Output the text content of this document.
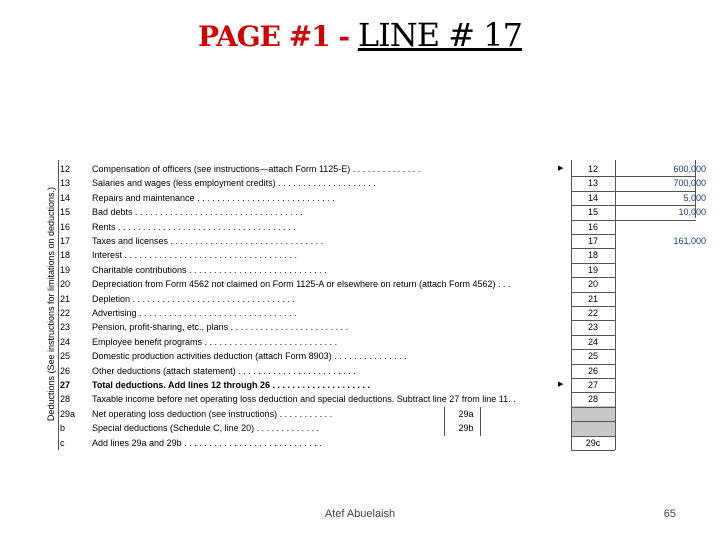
PAGE #1 - LINE # 17
Deductions (See instructions for limitations on deductions.)
12	Compensation of officers (see instructions—attach Form 1125-E) . . . . . . . . . . . . . .	▶	12	600,000
13	Salaries and wages (less employment credits) . . . . . . . . . . . . . . . . . . . .	13	700,000
14	Repairs and maintenance . . . . . . . . . . . . . . . . . . . . . . . . . . . .	14	5,000
15	Bad debts . . . . . . . . . . . . . . . . . . . . . . . . . . . . . . . . . .	15	10,000
16	Rents . . . . . . . . . . . . . . . . . . . . . . . . . . . . . . . . . . . .	16
17	Taxes and licenses . . . . . . . . . . . . . . . . . . . . . . . . . . . . . . .	17	161,000
18	Interest . . . . . . . . . . . . . . . . . . . . . . . . . . . . . . . . . . .	18
19	Charitable contributions . . . . . . . . . . . . . . . . . . . . . . . . . . . .	19
20	Depreciation from Form 4562 not claimed on Form 1125-A or elsewhere on return (attach Form 4562) . . .	20
21	Depletion . . . . . . . . . . . . . . . . . . . . . . . . . . . . . . . . .	21
22	Advertising . . . . . . . . . . . . . . . . . . . . . . . . . . . . . . . .	22
23	Pension, profit-sharing, etc., plans . . . . . . . . . . . . . . . . . . . . . . . .	23
24	Employee benefit programs . . . . . . . . . . . . . . . . . . . . . . . . . . .	24
25	Domestic production activities deduction (attach Form 8903) . . . . . . . . . . . . . . .	25
26	Other deductions (attach statement) . . . . . . . . . . . . . . . . . . . . . . . .	26
27	Total deductions. Add lines 12 through 26 . . . . . . . . . . . . . . . . . . . .	▶	27
28	Taxable income before net operating loss deduction and special deductions. Subtract line 27 from line 11. .	28
29a	Net operating loss deduction (see instructions) . . . . . . . . . . .	29a
b	Special deductions (Schedule C, line 20) . . . . . . . . . . . . .	29b
c	Add lines 29a and 29b . . . . . . . . . . . . . . . . . . . . . . . . . . . .	29c
Atef Abuelaish	65
